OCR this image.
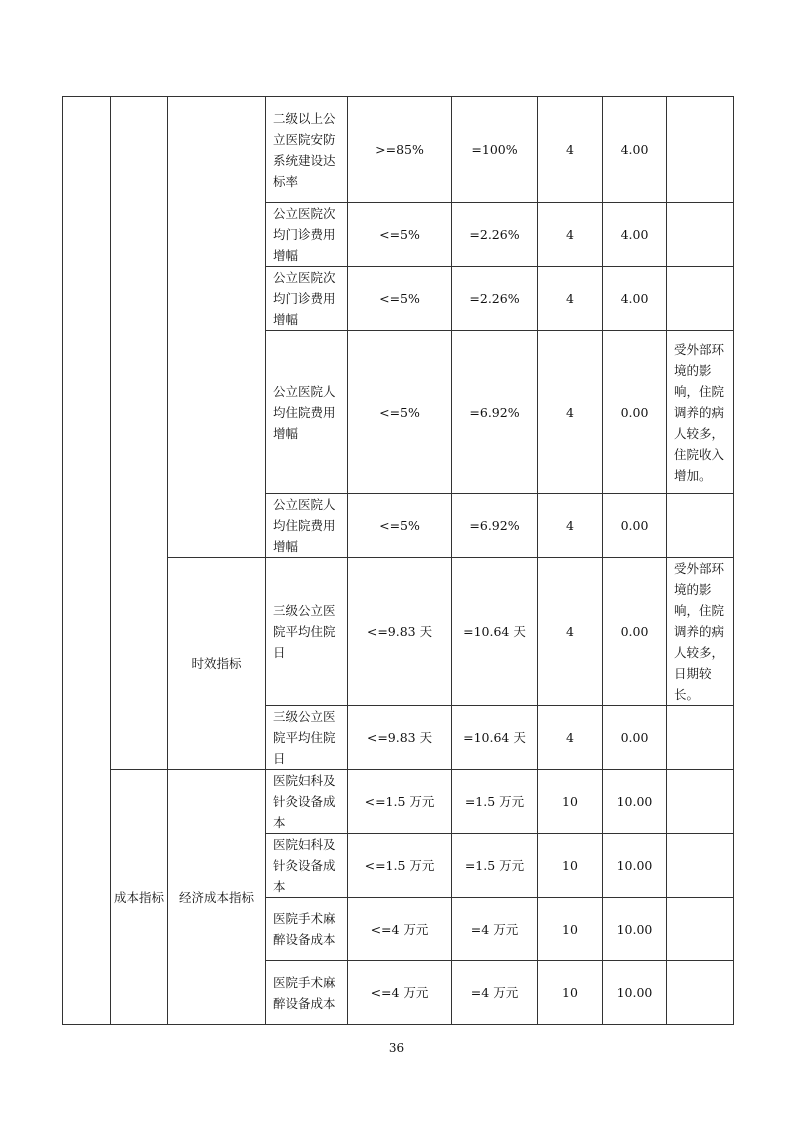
			二级以上公立医院安防系统建设达标率	>=85%	=100%	4	4.00	
			公立医院次均门诊费用增幅	<=5%	=2.26%	4	4.00	
			公立医院次均门诊费用增幅	<=5%	=2.26%	4	4.00	
			公立医院人均住院费用增幅	<=5%	=6.92%	4	0.00	受外部环境的影响，住院调养的病人较多，住院收入增加。
			公立医院人均住院费用增幅	<=5%	=6.92%	4	0.00	
		时效指标	三级公立医院平均住院日	<=9.83 天	=10.64 天	4	0.00	受外部环境的影响，住院调养的病人较多，日期较长。
			三级公立医院平均住院日	<=9.83 天	=10.64 天	4	0.00	
	成本指标	经济成本指标	医院妇科及针灸设备成本	<=1.5 万元	=1.5 万元	10	10.00	
			医院妇科及针灸设备成本	<=1.5 万元	=1.5 万元	10	10.00	
			医院手术麻醉设备成本	<=4 万元	=4 万元	10	10.00	
			医院手术麻醉设备成本	<=4 万元	=4 万元	10	10.00	
36
